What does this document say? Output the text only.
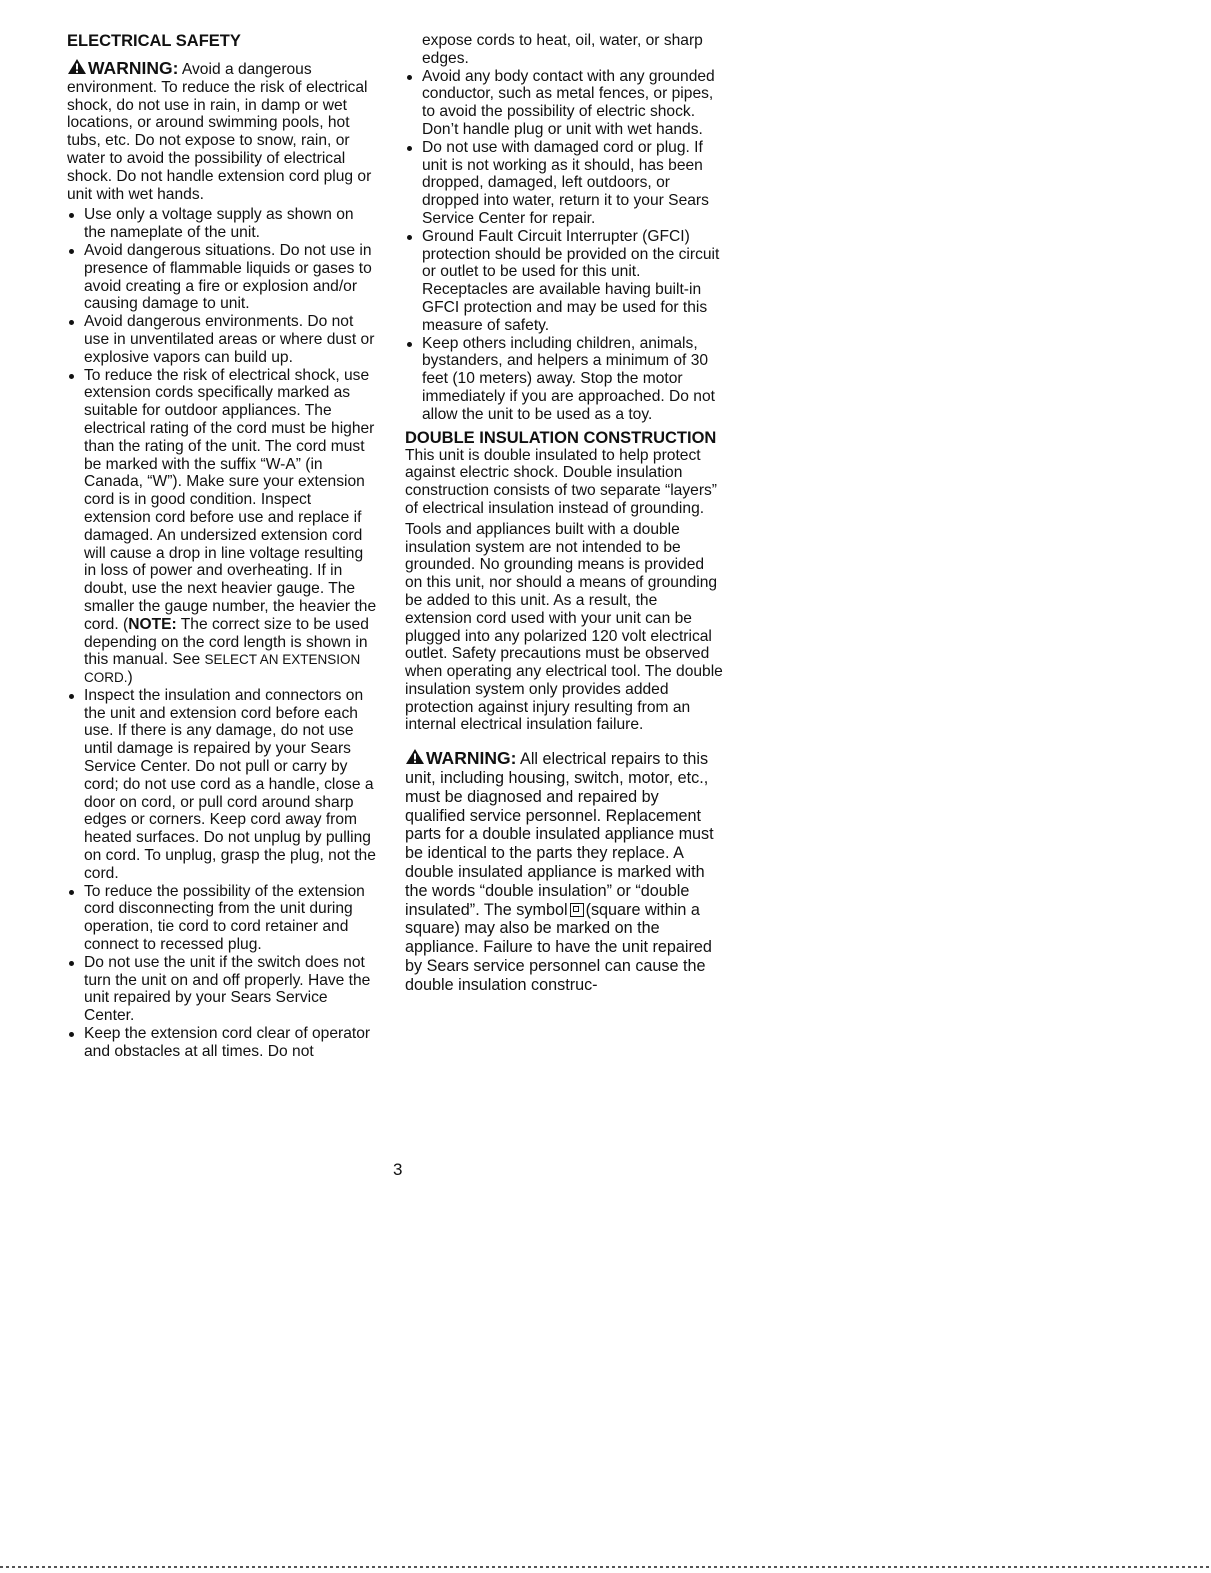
ELECTRICAL SAFETY
WARNING: Avoid a dangerous environment. To reduce the risk of electrical shock, do not use in rain, in damp or wet locations, or around swimming pools, hot tubs, etc. Do not expose to snow, rain, or water to avoid the possibility of electrical shock. Do not handle extension cord plug or unit with wet hands.
Use only a voltage supply as shown on the nameplate of the unit.
Avoid dangerous situations. Do not use in presence of flammable liquids or gases to avoid creating a fire or explosion and/or causing damage to unit.
Avoid dangerous environments. Do not use in unventilated areas or where dust or explosive vapors can build up.
To reduce the risk of electrical shock, use extension cords specifically marked as suitable for outdoor appliances. The electrical rating of the cord must be higher than the rating of the unit. The cord must be marked with the suffix “W-A” (in Canada, “W”). Make sure your extension cord is in good condition. Inspect extension cord before use and replace if damaged. An undersized extension cord will cause a drop in line voltage resulting in loss of power and overheating. If in doubt, use the next heavier gauge. The smaller the gauge number, the heavier the cord. (NOTE: The correct size to be used depending on the cord length is shown in this manual. See SELECT AN EXTENSION CORD.)
Inspect the insulation and connectors on the unit and extension cord before each use. If there is any damage, do not use until damage is repaired by your Sears Service Center. Do not pull or carry by cord; do not use cord as a handle, close a door on cord, or pull cord around sharp edges or corners. Keep cord away from heated surfaces. Do not unplug by pulling on cord. To unplug, grasp the plug, not the cord.
To reduce the possibility of the extension cord disconnecting from the unit during operation, tie cord to cord retainer and connect to recessed plug.
Do not use the unit if the switch does not turn the unit on and off properly. Have the unit repaired by your Sears Service Center.
Keep the extension cord clear of operator and obstacles at all times. Do not
expose cords to heat, oil, water, or sharp edges.
Avoid any body contact with any grounded conductor, such as metal fences, or pipes, to avoid the possibility of electric shock. Don’t handle plug or unit with wet hands.
Do not use with damaged cord or plug. If unit is not working as it should, has been dropped, damaged, left outdoors, or dropped into water, return it to your Sears Service Center for repair.
Ground Fault Circuit Interrupter (GFCI) protection should be provided on the circuit or outlet to be used for this unit. Receptacles are available having built-in GFCI protection and may be used for this measure of safety.
Keep others including children, animals, bystanders, and helpers a minimum of 30 feet (10 meters) away. Stop the motor immediately if you are approached. Do not allow the unit to be used as a toy.
DOUBLE INSULATION CONSTRUCTION
This unit is double insulated to help protect against electric shock. Double insulation construction consists of two separate “layers” of electrical insulation instead of grounding.
Tools and appliances built with a double insulation system are not intended to be grounded. No grounding means is provided on this unit, nor should a means of grounding be added to this unit. As a result, the extension cord used with your unit can be plugged into any polarized 120 volt electrical outlet. Safety precautions must be observed when operating any electrical tool. The double insulation system only provides added protection against injury resulting from an internal electrical insulation failure.
WARNING: All electrical repairs to this unit, including housing, switch, motor, etc., must be diagnosed and repaired by qualified service personnel. Replacement parts for a double insulated appliance must be identical to the parts they replace. A double insulated appliance is marked with the words “double insulation” or “double insulated”. The symbol (square within a square) may also be marked on the appliance. Failure to have the unit repaired by Sears service personnel can cause the double insulation construc-
3
